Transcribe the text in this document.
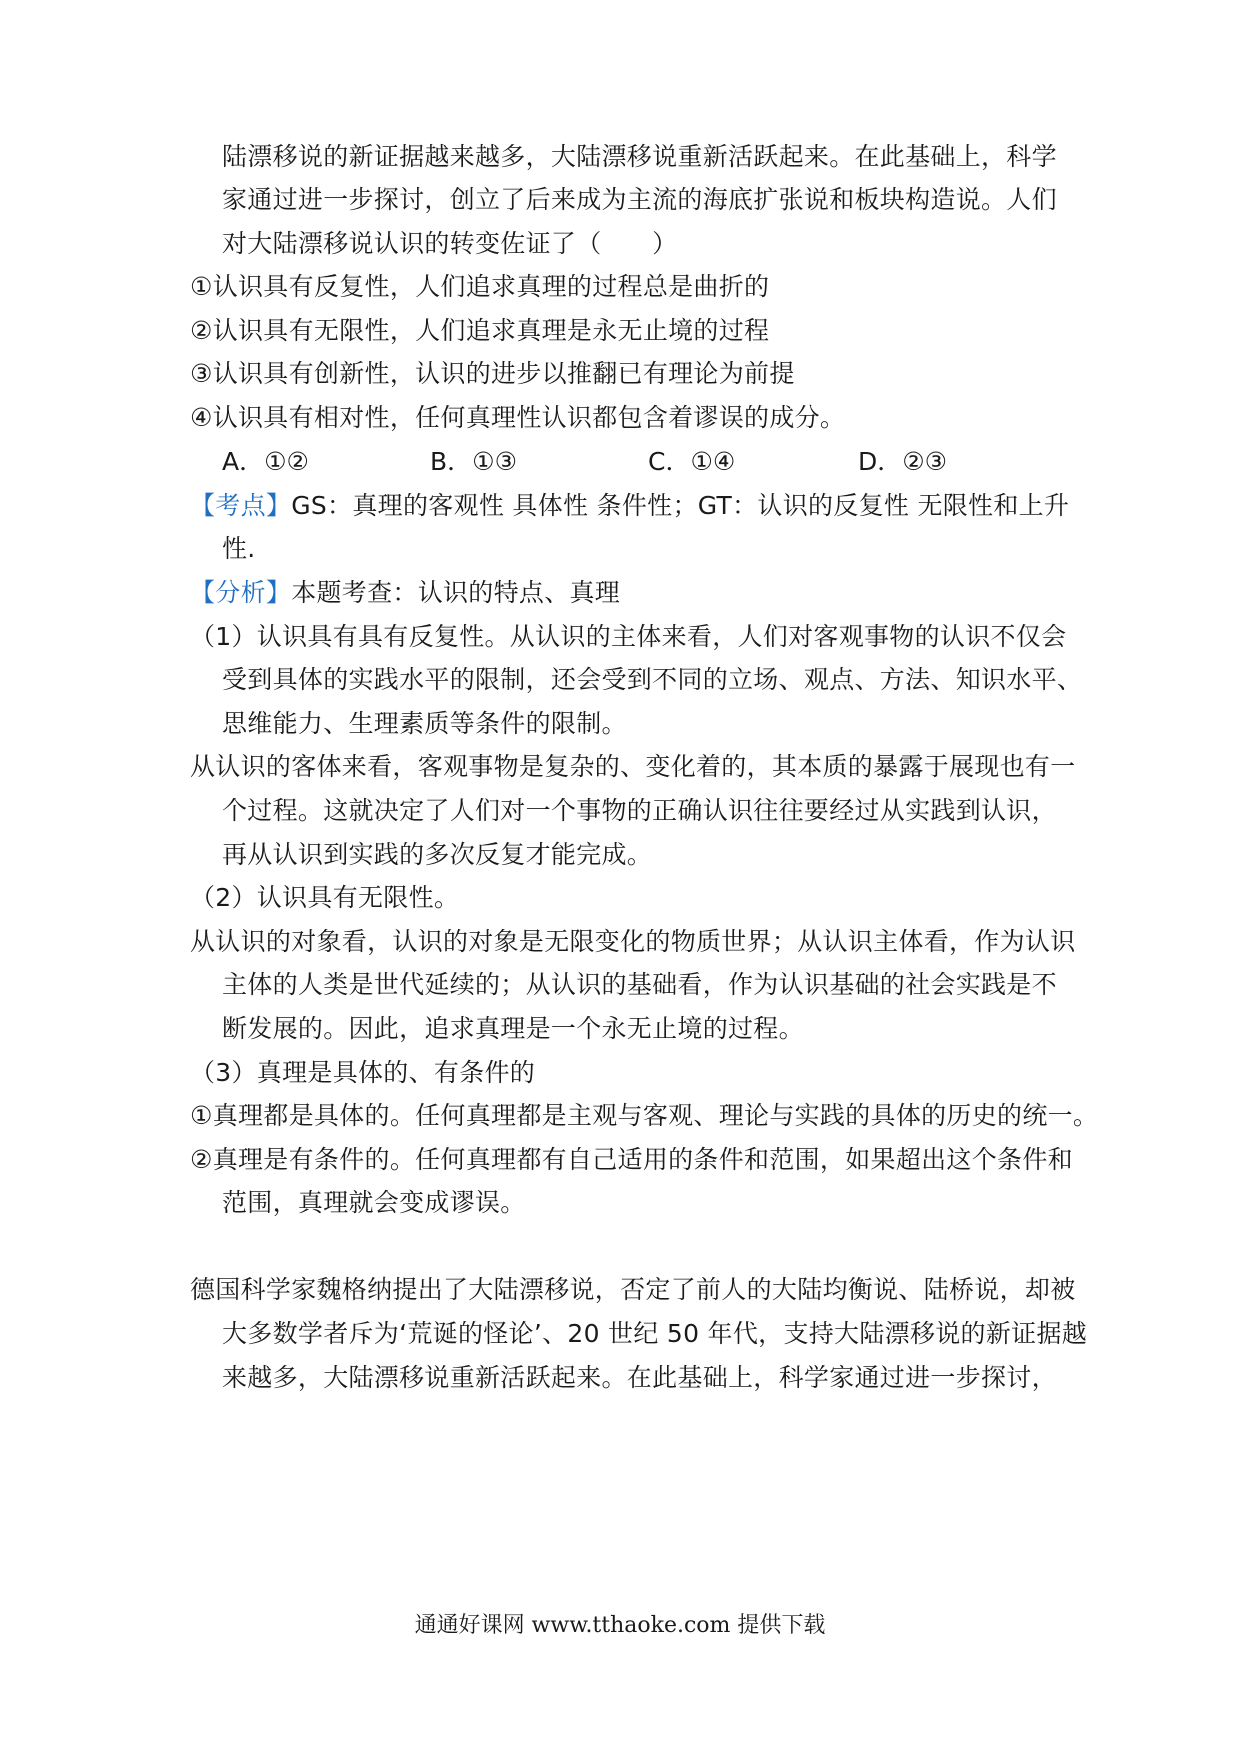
陆漂移说的新证据越来越多，大陆漂移说重新活跃起来。在此基础上，科学
家通过进一步探讨，创立了后来成为主流的海底扩张说和板块构造说。人们
对大陆漂移说认识的转变佐证了（　　）
①认识具有反复性，人们追求真理的过程总是曲折的
②认识具有无限性，人们追求真理是永无止境的过程
③认识具有创新性，认识的进步以推翻已有理论为前提
④认识具有相对性，任何真理性认识都包含着谬误的成分。
A．①②	B．①③	C．①④	D．②③
【考点】GS：真理的客观性 具体性 条件性；GT：认识的反复性 无限性和上升
性.
【分析】本题考查：认识的特点、真理
（1）认识具有具有反复性。从认识的主体来看，人们对客观事物的认识不仅会
受到具体的实践水平的限制，还会受到不同的立场、观点、方法、知识水平、
思维能力、生理素质等条件的限制。
从认识的客体来看，客观事物是复杂的、变化着的，其本质的暴露于展现也有一
个过程。这就决定了人们对一个事物的正确认识往往要经过从实践到认识，
再从认识到实践的多次反复才能完成。
（2）认识具有无限性。
从认识的对象看，认识的对象是无限变化的物质世界；从认识主体看，作为认识
主体的人类是世代延续的；从认识的基础看，作为认识基础的社会实践是不
断发展的。因此，追求真理是一个永无止境的过程。
（3）真理是具体的、有条件的
①真理都是具体的。任何真理都是主观与客观、理论与实践的具体的历史的统一。
②真理是有条件的。任何真理都有自己适用的条件和范围，如果超出这个条件和
范围，真理就会变成谬误。
德国科学家魏格纳提出了大陆漂移说，否定了前人的大陆均衡说、陆桥说，却被
大多数学者斥为‘荒诞的怪论’、20 世纪 50 年代，支持大陆漂移说的新证据越
来越多，大陆漂移说重新活跃起来。在此基础上，科学家通过进一步探讨，
通通好课网 www.tthaoke.com 提供下载
